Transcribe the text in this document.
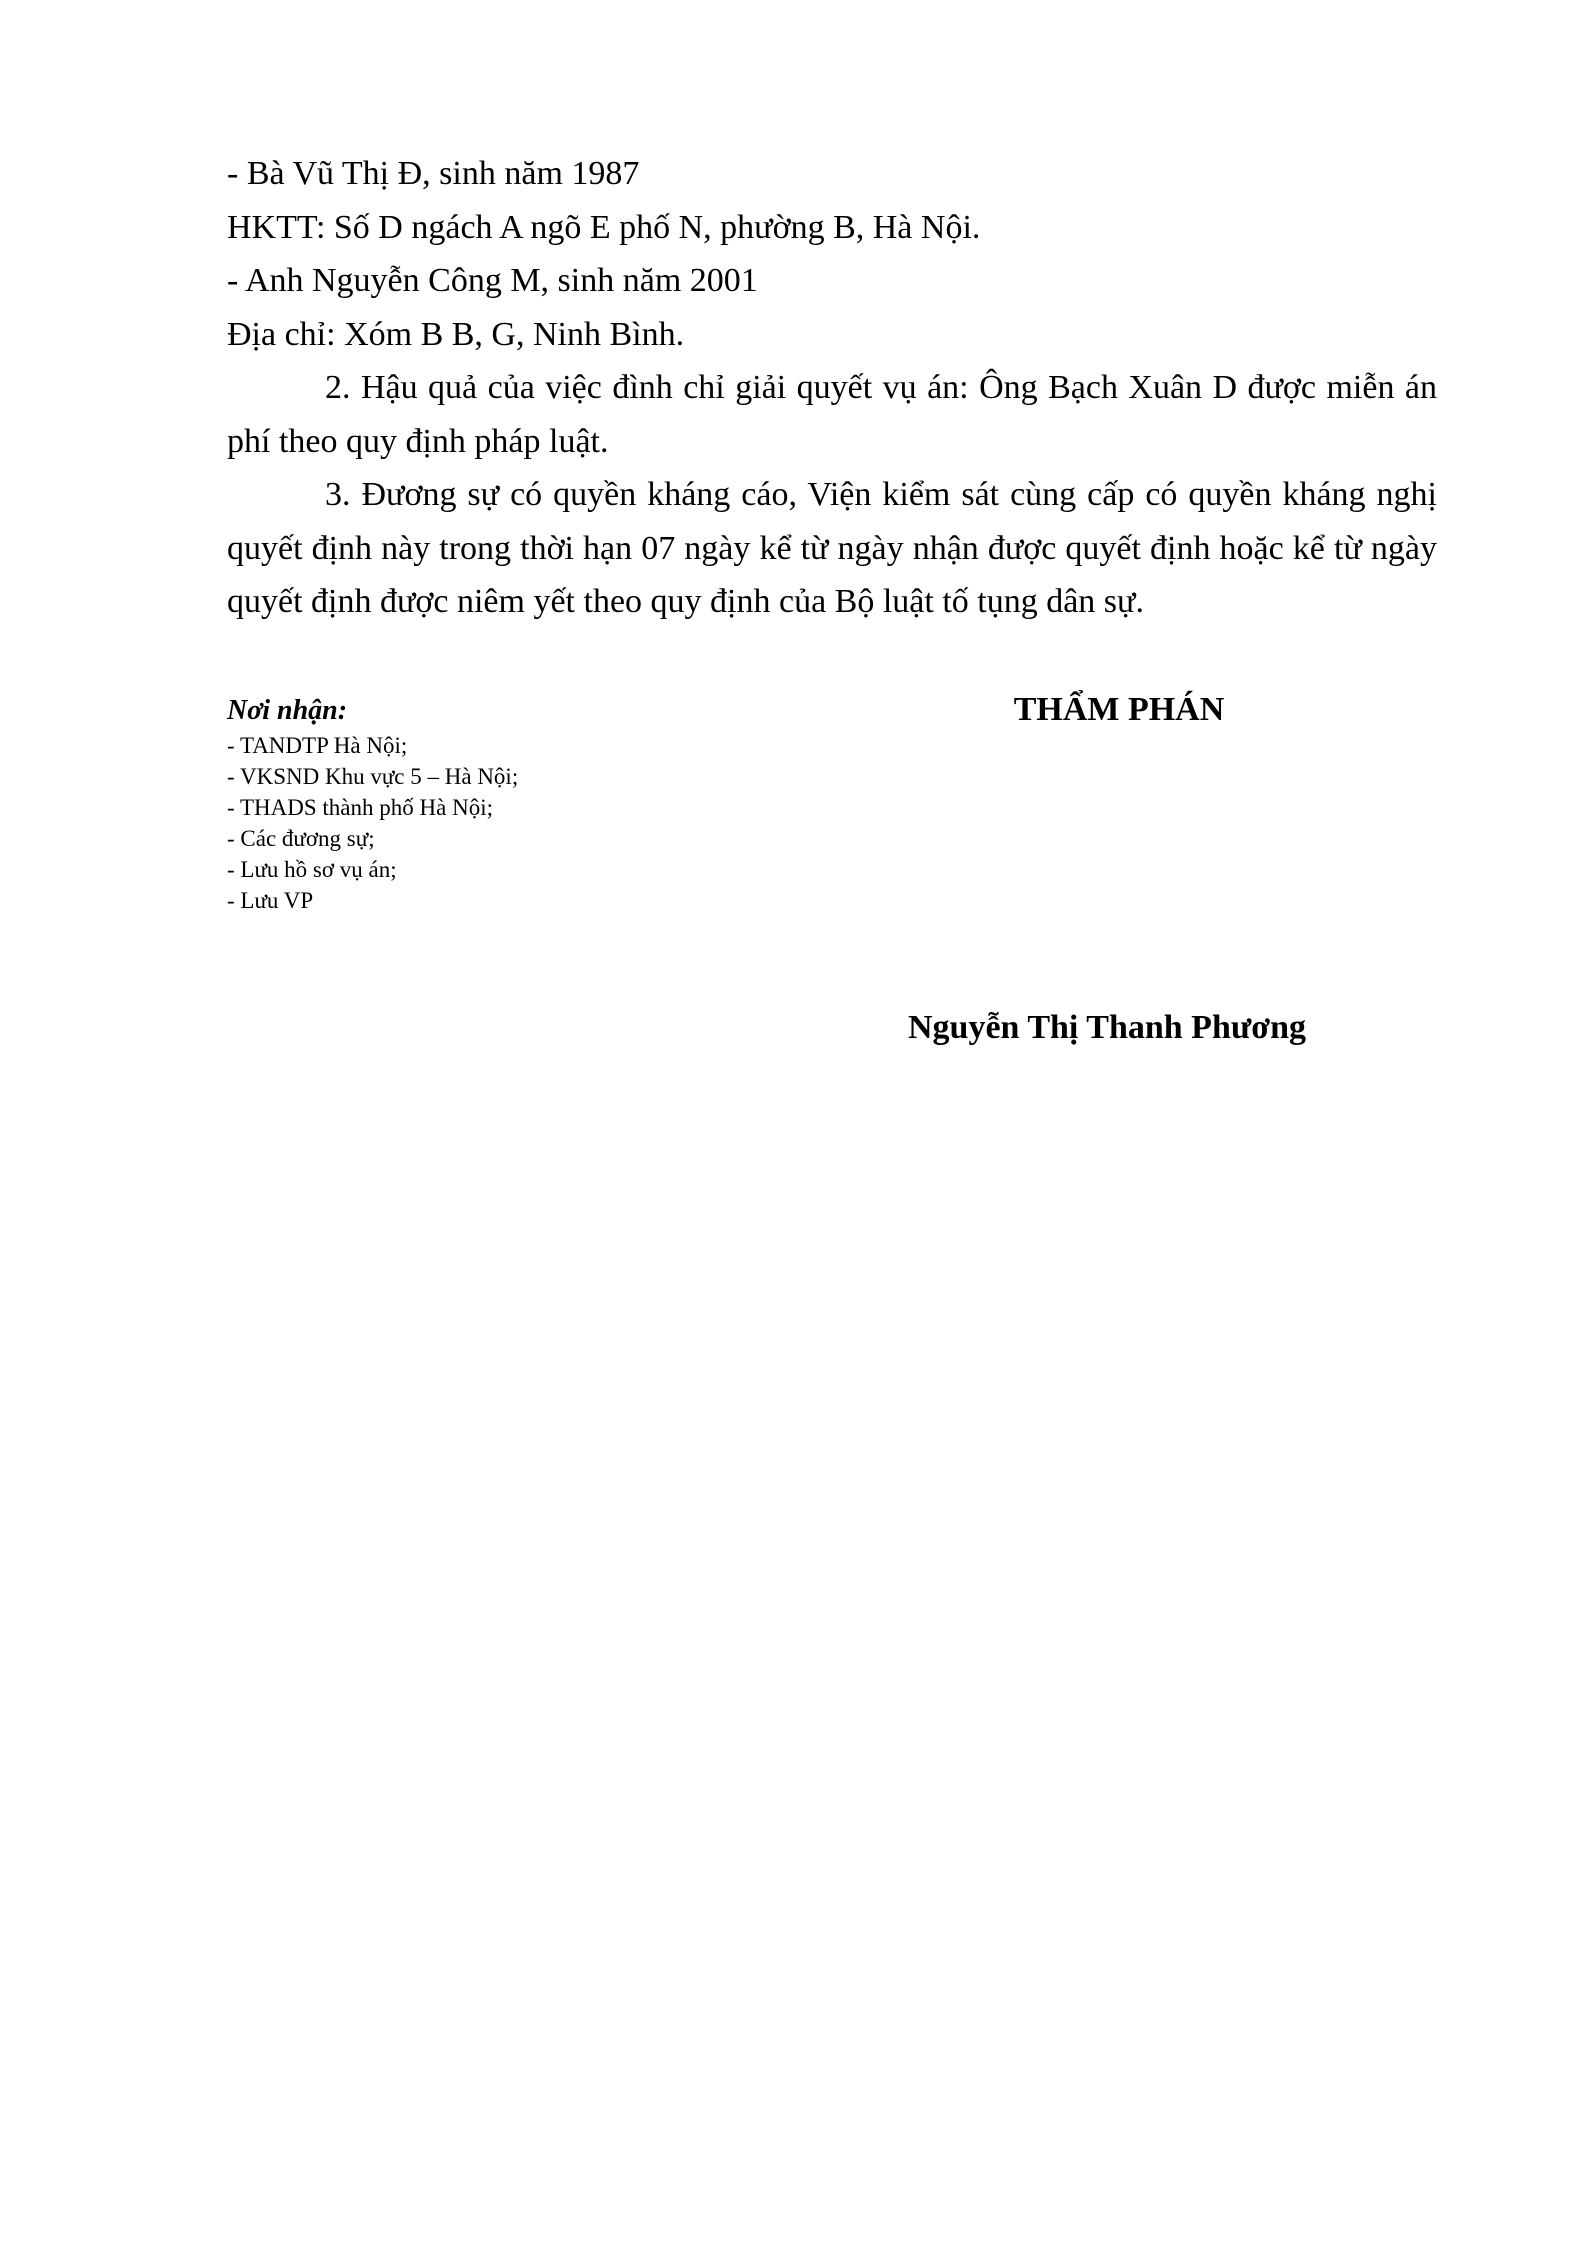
- Bà Vũ Thị Đ, sinh năm 1987

HKTT: Số D ngách A ngõ E phố N, phường B, Hà Nội.

- Anh Nguyễn Công M, sinh năm 2001

Địa chỉ: Xóm B B, G, Ninh Bình.

2. Hậu quả của việc đình chỉ giải quyết vụ án: Ông Bạch Xuân D được miễn án phí theo quy định pháp luật.

3. Đương sự có quyền kháng cáo, Viện kiểm sát cùng cấp có quyền kháng nghị quyết định này trong thời hạn 07 ngày kể từ ngày nhận được quyết định hoặc kể từ ngày quyết định được niêm yết theo quy định của Bộ luật tố tụng dân sự.

Nơi nhận:

- TANDTP Hà Nội;
- VKSND Khu vực 5 – Hà Nội;
- THADS thành phố Hà Nội;
- Các đương sự;
- Lưu hồ sơ vụ án;
- Lưu VP

THẨM PHÁN

Nguyễn Thị Thanh Phương
